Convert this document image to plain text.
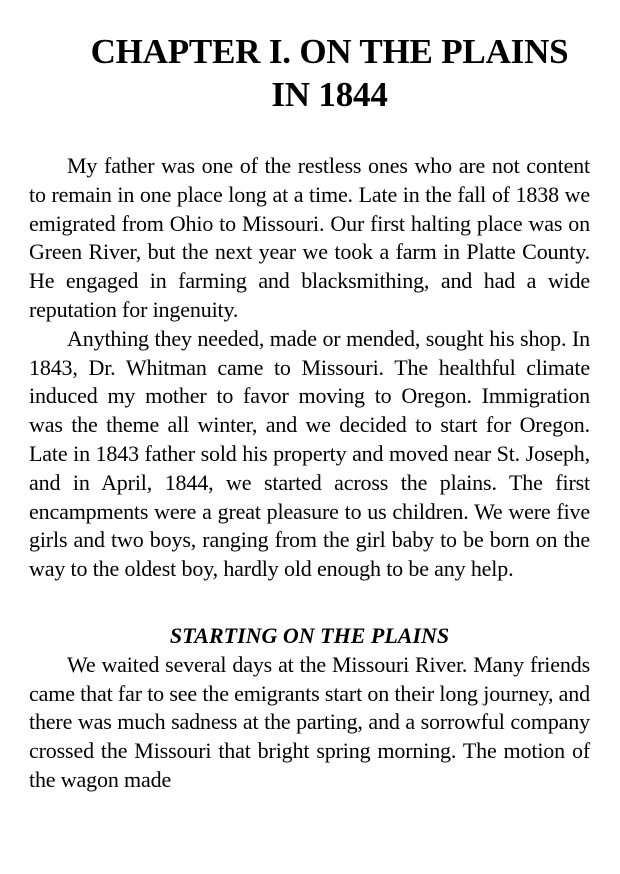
CHAPTER I. ON THE PLAINS IN 1844

My father was one of the restless ones who are not content to remain in one place long at a time. Late in the fall of 1838 we emigrated from Ohio to Missouri. Our first halting place was on Green River, but the next year we took a farm in Platte County. He engaged in farming and blacksmithing, and had a wide reputation for ingenuity.

Anything they needed, made or mended, sought his shop. In 1843, Dr. Whitman came to Missouri. The healthful climate induced my mother to favor moving to Oregon. Immigration was the theme all winter, and we decided to start for Oregon. Late in 1843 father sold his property and moved near St. Joseph, and in April, 1844, we started across the plains. The first encampments were a great pleasure to us children. We were five girls and two boys, ranging from the girl baby to be born on the way to the oldest boy, hardly old enough to be any help.

STARTING ON THE PLAINS

We waited several days at the Missouri River. Many friends came that far to see the emigrants start on their long journey, and there was much sadness at the parting, and a sorrowful company crossed the Missouri that bright spring morning. The motion of the wagon made
